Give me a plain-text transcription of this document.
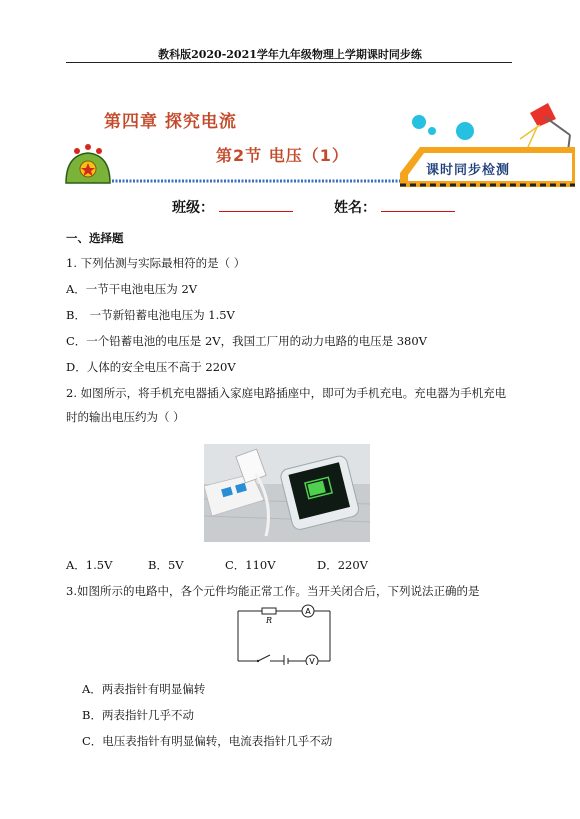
教科版2020-2021学年九年级物理上学期课时同步练
第四章 探究电流
第2节 电压（1）
课时同步检测
班级：	姓名：
一、选择题
1. 下列估测与实际最相符的是（ ）
A．一节干电池电压为 2V
B． 一节新铅蓄电池电压为 1.5V
C．一个铅蓄电池的电压是 2V，我国工厂用的动力电路的电压是 380V
D．人体的安全电压不高于 220V
2. 如图所示，将手机充电器插入家庭电路插座中，即可为手机充电。充电器为手机充电
时的输出电压约为（ ）
A．1.5V	B．5V	C．110V	D．220V
3.如图所示的电路中，各个元件均能正常工作。当开关闭合后，下列说法正确的是
R
A
V
A．两表指针有明显偏转
B．两表指针几乎不动
C．电压表指针有明显偏转，电流表指针几乎不动
